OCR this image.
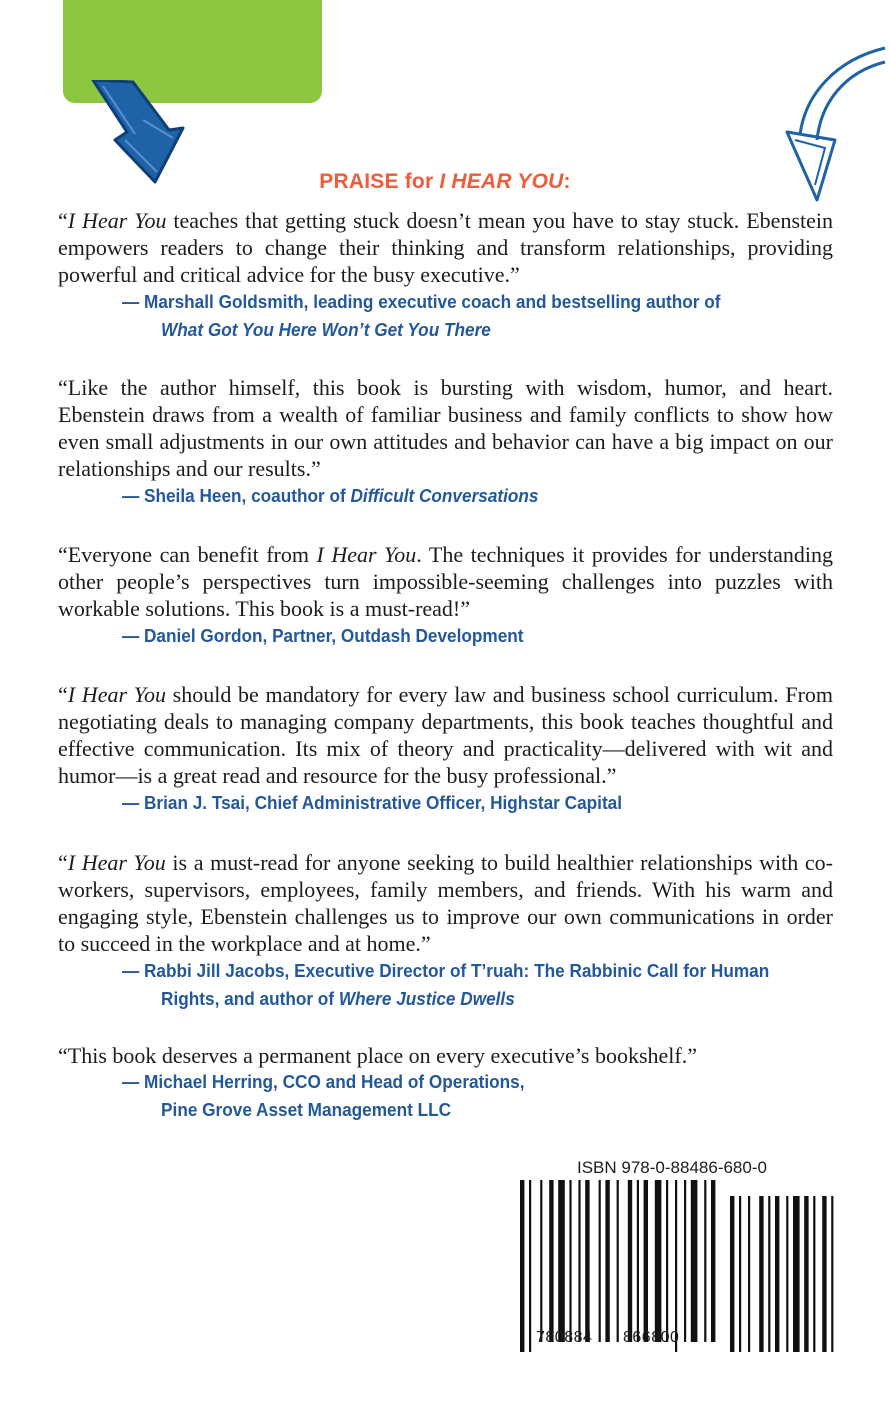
PRAISE for I HEAR YOU:
“I Hear You teaches that getting stuck doesn’t mean you have to stay stuck. Ebenstein empowers readers to change their thinking and transform relationships, providing powerful and critical advice for the busy executive.”
— Marshall Goldsmith, leading executive coach and bestselling author of
What Got You Here Won’t Get You There
“Like the author himself, this book is bursting with wisdom, humor, and heart. Ebenstein draws from a wealth of familiar business and family conflicts to show how even small adjustments in our own attitudes and behavior can have a big impact on our relationships and our results.”
— Sheila Heen, coauthor of Difficult Conversations
“Everyone can benefit from I Hear You. The techniques it provides for understanding other people’s perspectives turn impossible-seeming challenges into puzzles with workable solutions. This book is a must-read!”
— Daniel Gordon, Partner, Outdash Development
“I Hear You should be mandatory for every law and business school curriculum. From negotiating deals to managing company departments, this book teaches thoughtful and effective communication. Its mix of theory and practicality—delivered with wit and humor—is a great read and resource for the busy professional.”
— Brian J. Tsai, Chief Administrative Officer, Highstar Capital
“I Hear You is a must-read for anyone seeking to build healthier relationships with co-workers, supervisors, employees, family members, and friends. With his warm and engaging style, Ebenstein challenges us to improve our own communications in order to succeed in the workplace and at home.”
— Rabbi Jill Jacobs, Executive Director of T’ruah: The Rabbinic Call for Human
Rights, and author of Where Justice Dwells
“This book deserves a permanent place on every executive’s bookshelf.”
— Michael Herring, CCO and Head of Operations,
Pine Grove Asset Management LLC
ISBN 978-0-88486-680-0
780884 866800
